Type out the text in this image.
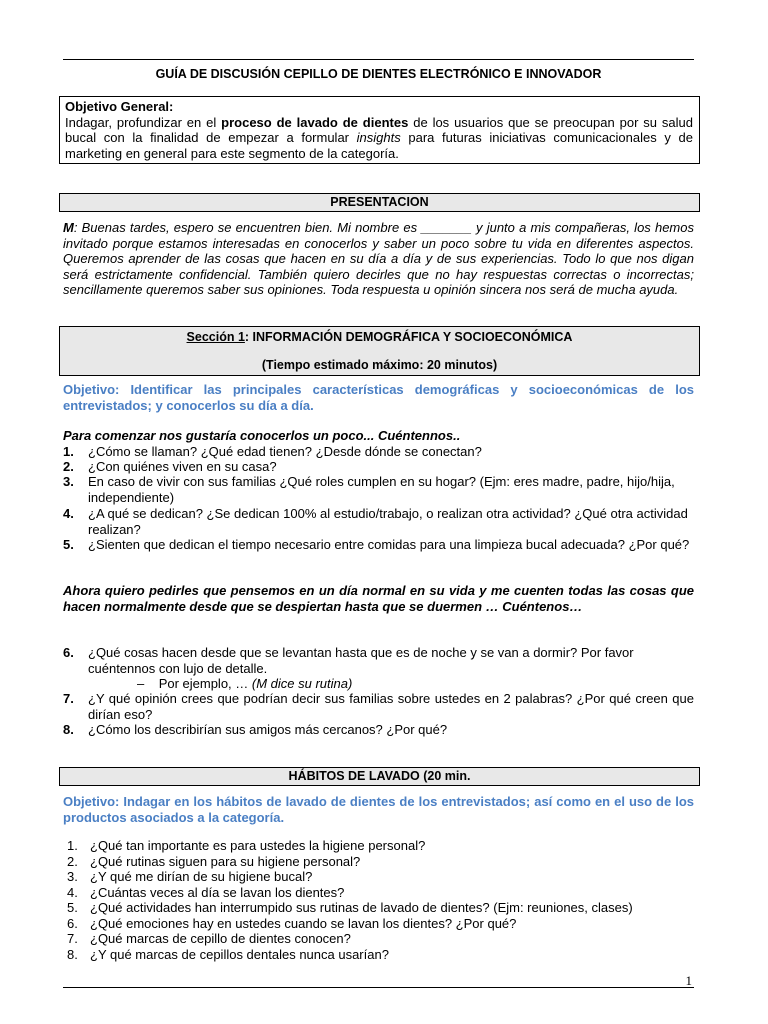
GUÍA DE DISCUSIÓN CEPILLO DE DIENTES ELECTRÓNICO E INNOVADOR
Objetivo General:
Indagar, profundizar en el proceso de lavado de dientes de los usuarios que se preocupan por su salud bucal con la finalidad de empezar a formular insights para futuras iniciativas comunicacionales y de marketing en general para este segmento de la categoría.
PRESENTACION
M: Buenas tardes, espero se encuentren bien. Mi nombre es _______ y junto a mis compañeras, los hemos invitado porque estamos interesadas en conocerlos y saber un poco sobre tu vida en diferentes aspectos. Queremos aprender de las cosas que hacen en su día a día y de sus experiencias. Todo lo que nos digan será estrictamente confidencial. También quiero decirles que no hay respuestas correctas o incorrectas; sencillamente queremos saber sus opiniones. Toda respuesta u opinión sincera nos será de mucha ayuda.
Sección 1: INFORMACIÓN DEMOGRÁFICA Y SOCIOECONÓMICA
(Tiempo estimado máximo: 20 minutos)
Objetivo: Identificar las principales características demográficas y socioeconómicas de los entrevistados; y conocerlos su día a día.
Para comenzar nos gustaría conocerlos un poco... Cuéntennos..
1. ¿Cómo se llaman? ¿Qué edad tienen? ¿Desde dónde se conectan?
2. ¿Con quiénes viven en su casa?
3. En caso de vivir con sus familias ¿Qué roles cumplen en su hogar? (Ejm: eres madre, padre, hijo/hija, independiente)
4. ¿A qué se dedican? ¿Se dedican 100% al estudio/trabajo, o realizan otra actividad? ¿Qué otra actividad realizan?
5. ¿Sienten que dedican el tiempo necesario entre comidas para una limpieza bucal adecuada? ¿Por qué?
Ahora quiero pedirles que pensemos en un día normal en su vida y me cuenten todas las cosas que hacen normalmente desde que se despiertan hasta que se duermen … Cuéntenos…
6. ¿Qué cosas hacen desde que se levantan hasta que es de noche y se van a dormir? Por favor cuéntennos con lujo de detalle.
– Por ejemplo, … (M dice su rutina)
7. ¿Y qué opinión crees que podrían decir sus familias sobre ustedes en 2 palabras? ¿Por qué creen que dirían eso?
8. ¿Cómo los describirían sus amigos más cercanos? ¿Por qué?
HÁBITOS DE LAVADO (20 min.
Objetivo: Indagar en los hábitos de lavado de dientes de los entrevistados; así como en el uso de los productos asociados a la categoría.
1. ¿Qué tan importante es para ustedes la higiene personal?
2. ¿Qué rutinas siguen para su higiene personal?
3. ¿Y qué me dirían de su higiene bucal?
4. ¿Cuántas veces al día se lavan los dientes?
5. ¿Qué actividades han interrumpido sus rutinas de lavado de dientes? (Ejm: reuniones, clases)
6. ¿Qué emociones hay en ustedes cuando se lavan los dientes? ¿Por qué?
7. ¿Qué marcas de cepillo de dientes conocen?
8. ¿Y qué marcas de cepillos dentales nunca usarían?
1
